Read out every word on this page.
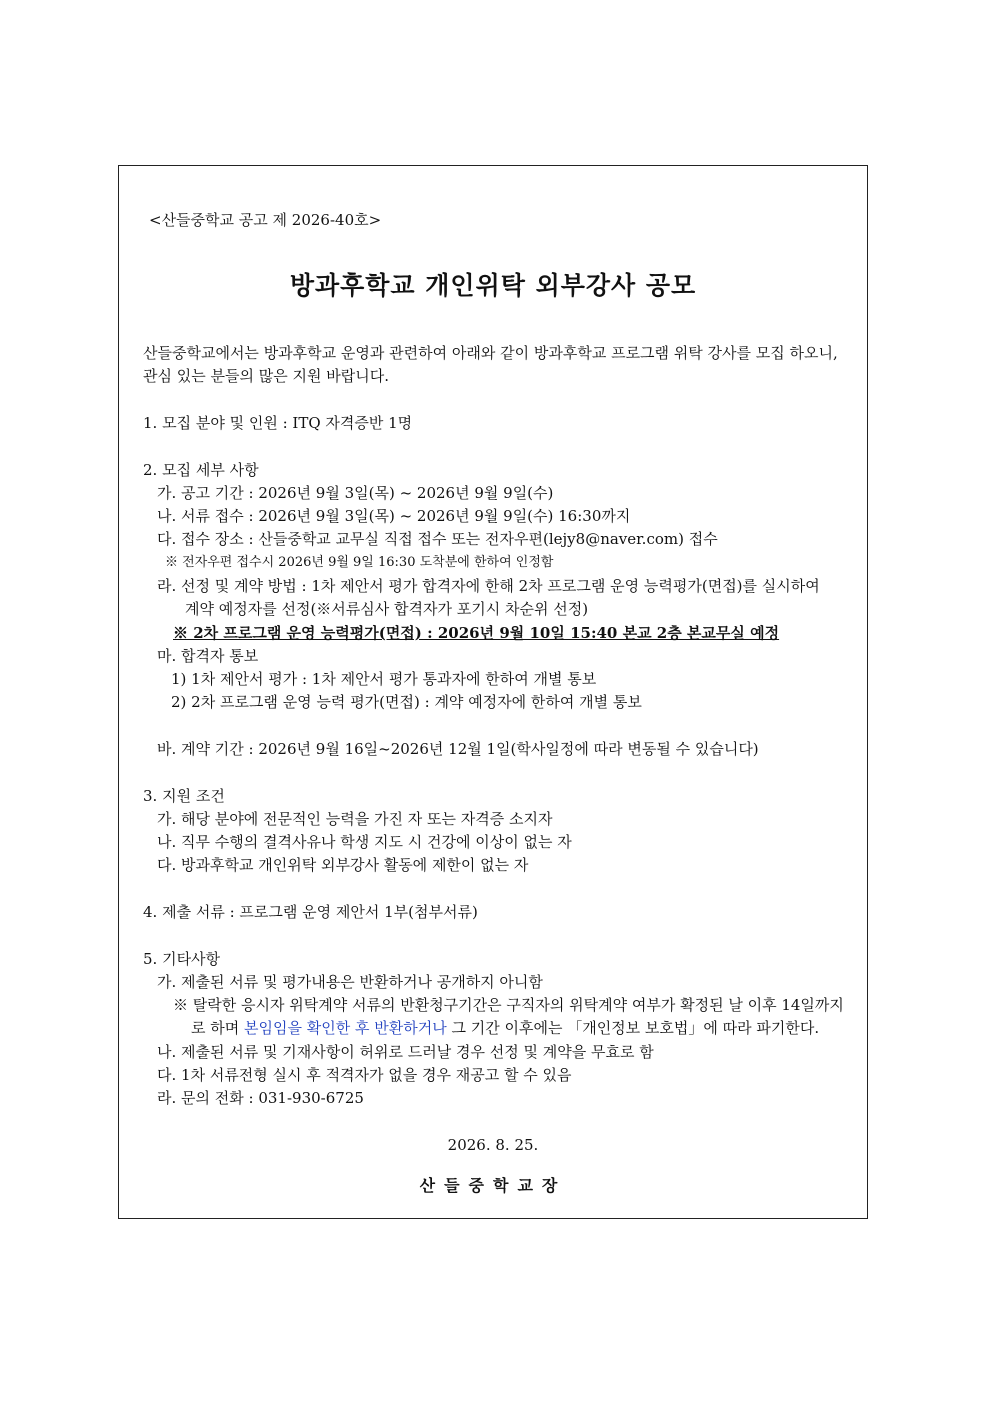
<산들중학교 공고 제 2026-40호>
방과후학교 개인위탁 외부강사 공모
산들중학교에서는 방과후학교 운영과 관련하여 아래와 같이 방과후학교 프로그램 위탁 강사를 모집 하오니,
관심 있는 분들의 많은 지원 바랍니다.
1. 모집 분야 및 인원 : ITQ 자격증반 1명
2. 모집 세부 사항
가. 공고 기간 : 2026년 9월 3일(목) ~ 2026년 9월 9일(수)
나. 서류 접수 : 2026년 9월 3일(목) ~ 2026년 9월 9일(수) 16:30까지
다. 접수 장소 : 산들중학교 교무실 직접 접수 또는 전자우편(lejy8@naver.com) 접수
※ 전자우편 접수시 2026년 9월 9일 16:30 도착분에 한하여 인정함
라. 선정 및 계약 방법 : 1차 제안서 평가 합격자에 한해 2차 프로그램 운영 능력평가(면접)를 실시하여
계약 예정자를 선정(※서류심사 합격자가 포기시 차순위 선정)
※ 2차 프로그램 운영 능력평가(면접) : 2026년 9월 10일 15:40 본교 2층 본교무실 예정
마. 합격자 통보
1) 1차 제안서 평가 : 1차 제안서 평가 통과자에 한하여 개별 통보
2) 2차 프로그램 운영 능력 평가(면접) : 계약 예정자에 한하여 개별 통보
바. 계약 기간 : 2026년 9월 16일~2026년 12월 1일(학사일정에 따라 변동될 수 있습니다)
3. 지원 조건
가. 해당 분야에 전문적인 능력을 가진 자 또는 자격증 소지자
나. 직무 수행의 결격사유나 학생 지도 시 건강에 이상이 없는 자
다. 방과후학교 개인위탁 외부강사 활동에 제한이 없는 자
4. 제출 서류 : 프로그램 운영 제안서 1부(첨부서류)
5. 기타사항
가. 제출된 서류 및 평가내용은 반환하거나 공개하지 아니함
※ 탈락한 응시자 위탁계약 서류의 반환청구기간은 구직자의 위탁계약 여부가 확정된 날 이후 14일까지
로 하며 본임임을 확인한 후 반환하거나 그 기간 이후에는 「개인정보 보호법」에 따라 파기한다.
나. 제출된 서류 및 기재사항이 허위로 드러날 경우 선정 및 계약을 무효로 함
다. 1차 서류전형 실시 후 적격자가 없을 경우 재공고 할 수 있음
라. 문의 전화 : 031-930-6725
2026. 8. 25.
산들중학교장
